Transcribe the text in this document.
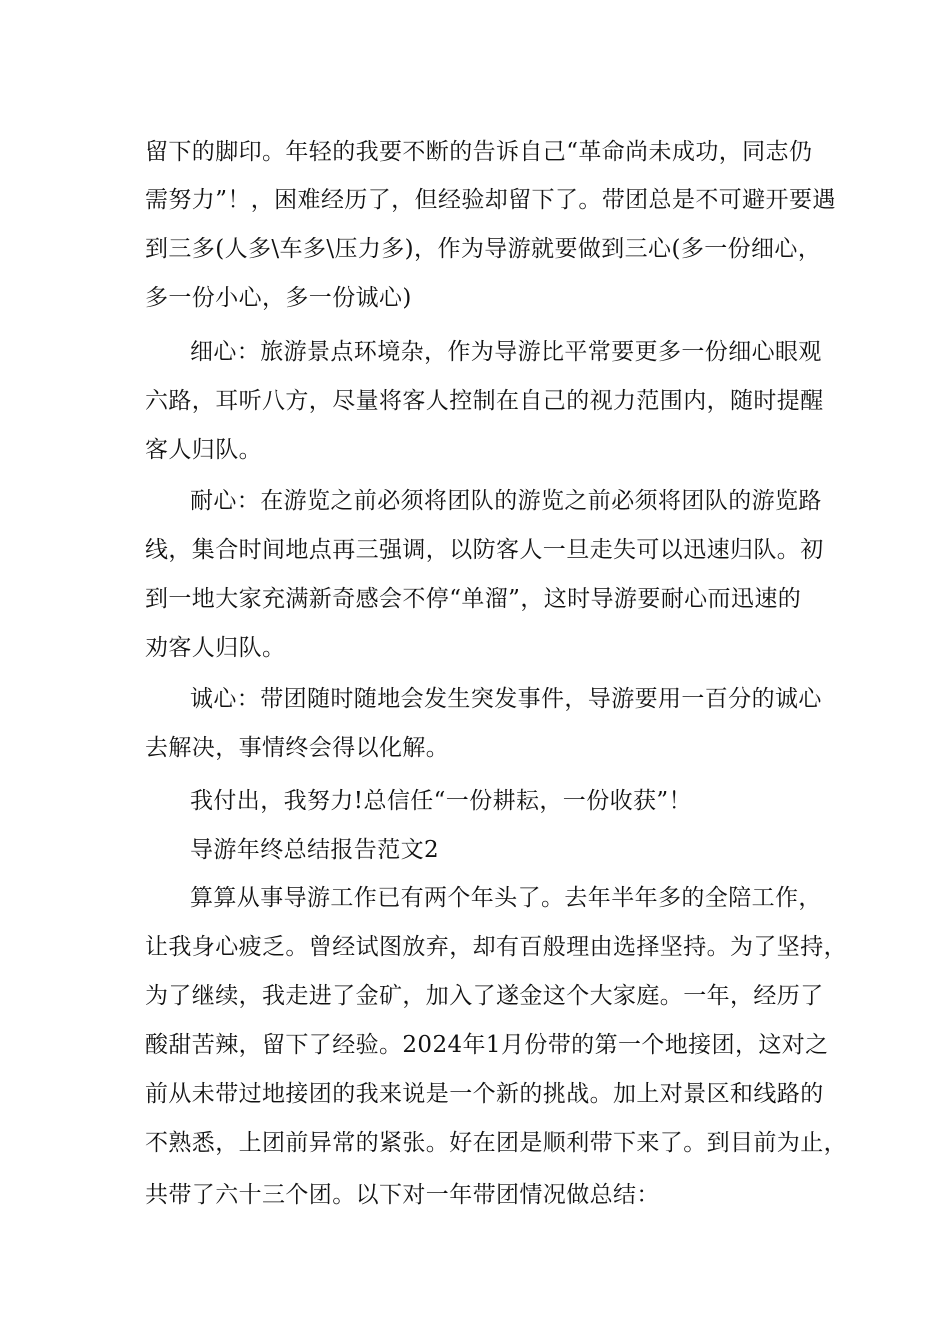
留下的脚印。年轻的我要不断的告诉自己“革命尚未成功，同志仍
需努力”！，困难经历了，但经验却留下了。带团总是不可避开要遇
到三多(人多\车多\压力多)，作为导游就要做到三心(多一份细心，
多一份小心，多一份诚心)
细心：旅游景点环境杂，作为导游比平常要更多一份细心眼观
六路，耳听八方，尽量将客人控制在自己的视力范围内，随时提醒
客人归队。
耐心：在游览之前必须将团队的游览之前必须将团队的游览路
线，集合时间地点再三强调，以防客人一旦走失可以迅速归队。初
到一地大家充满新奇感会不停“单溜”，这时导游要耐心而迅速的
劝客人归队。
诚心：带团随时随地会发生突发事件，导游要用一百分的诚心
去解决，事情终会得以化解。
我付出，我努力!总信任“一份耕耘，一份收获”！
导游年终总结报告范文2
算算从事导游工作已有两个年头了。去年半年多的全陪工作，
让我身心疲乏。曾经试图放弃，却有百般理由选择坚持。为了坚持，
为了继续，我走进了金矿，加入了遂金这个大家庭。一年，经历了
酸甜苦辣，留下了经验。2024年1月份带的第一个地接团，这对之
前从未带过地接团的我来说是一个新的挑战。加上对景区和线路的
不熟悉，上团前异常的紧张。好在团是顺利带下来了。到目前为止，
共带了六十三个团。以下对一年带团情况做总结：
